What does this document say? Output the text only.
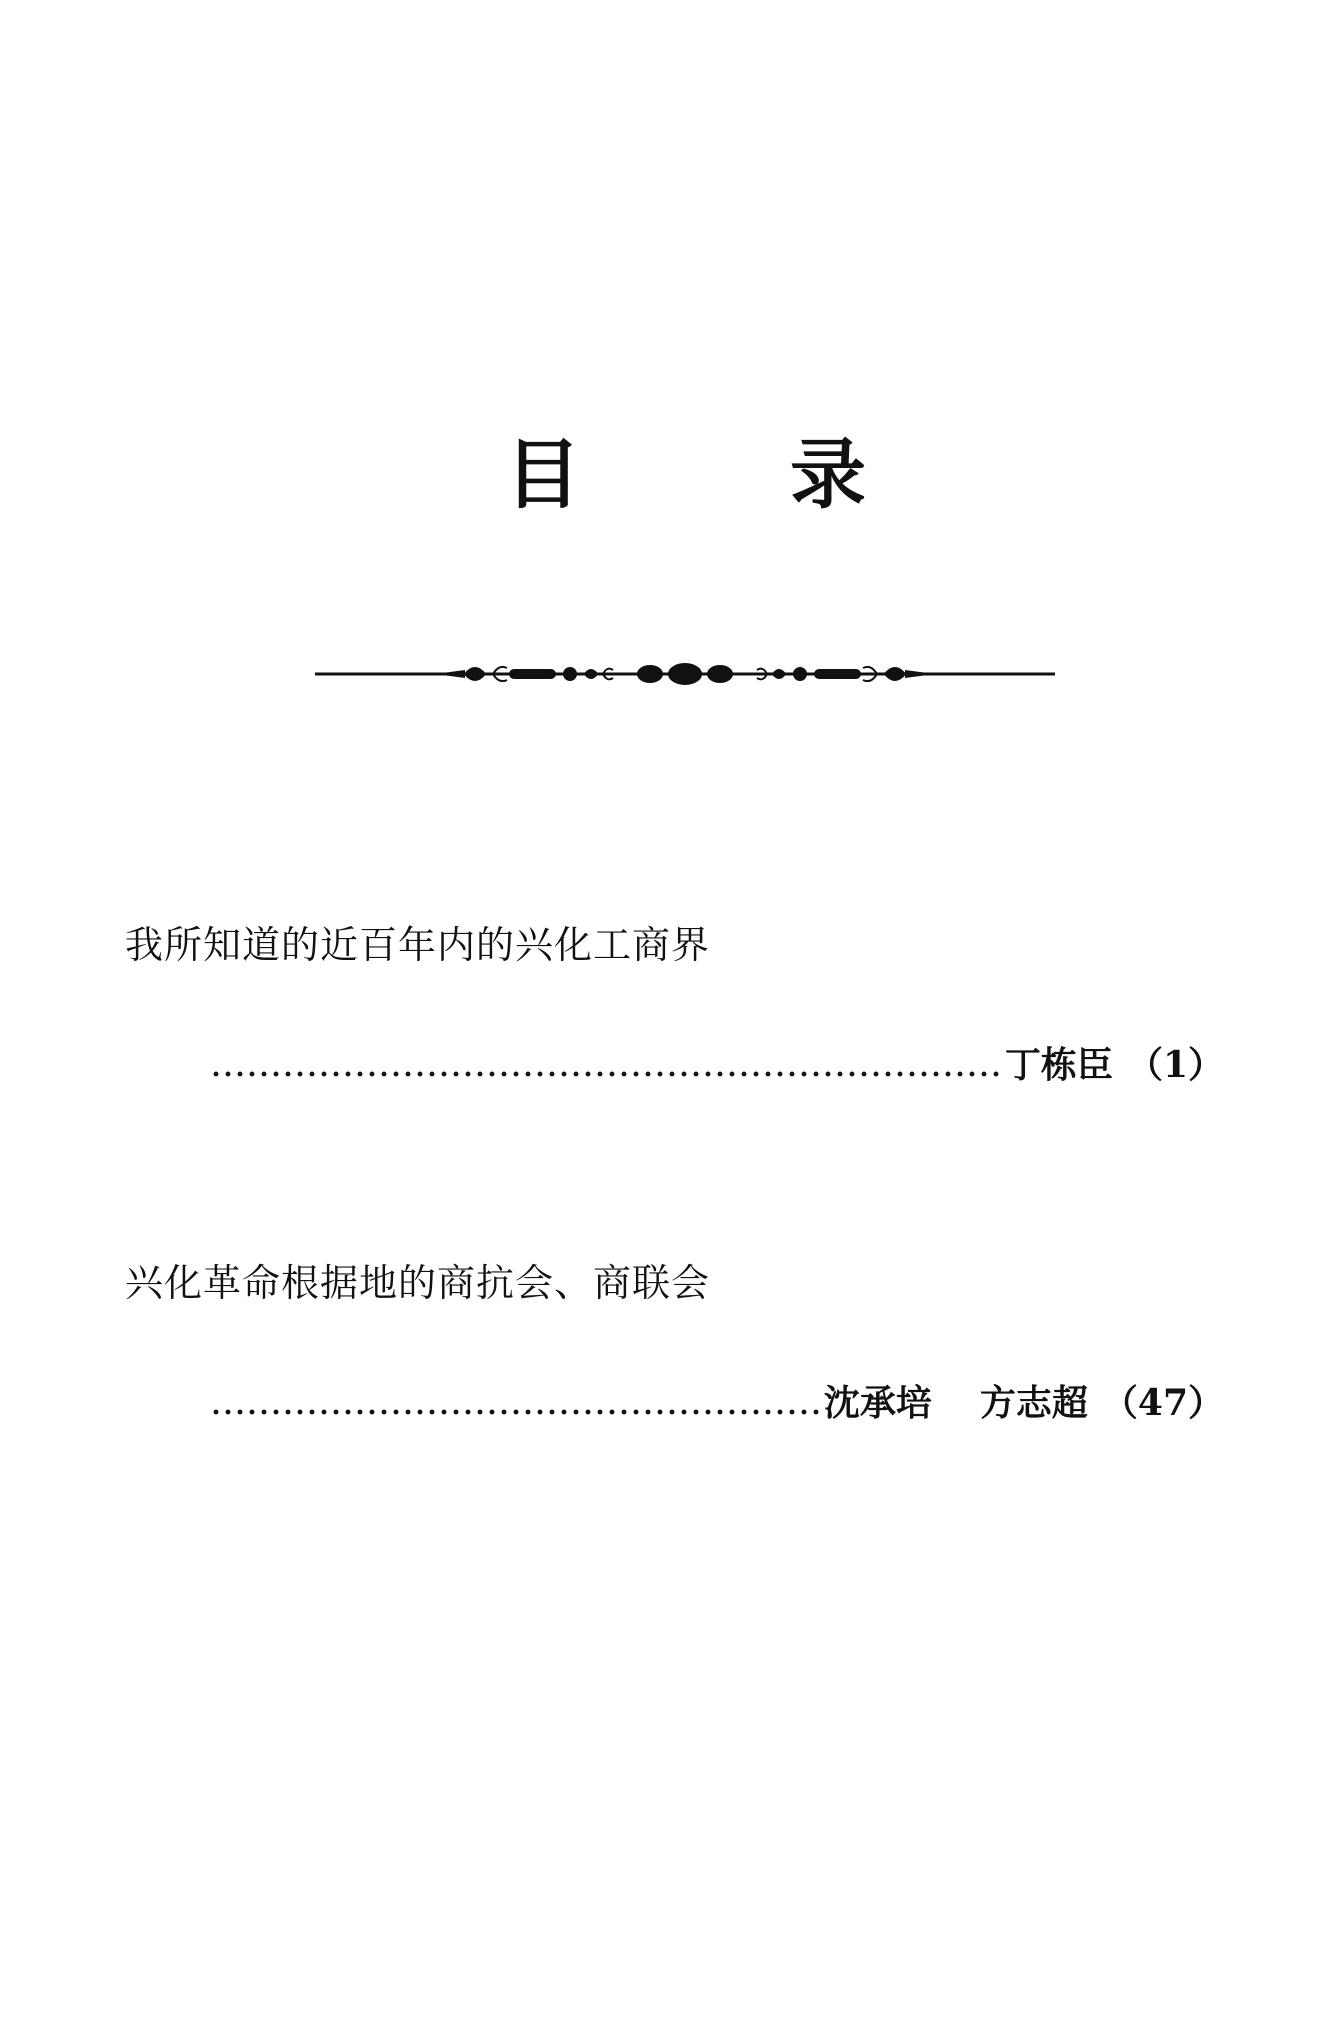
目	录
我所知道的近百年内的兴化工商界
丁栋臣 （1）
兴化革命根据地的商抗会、商联会
沈承培 方志超 （47）
